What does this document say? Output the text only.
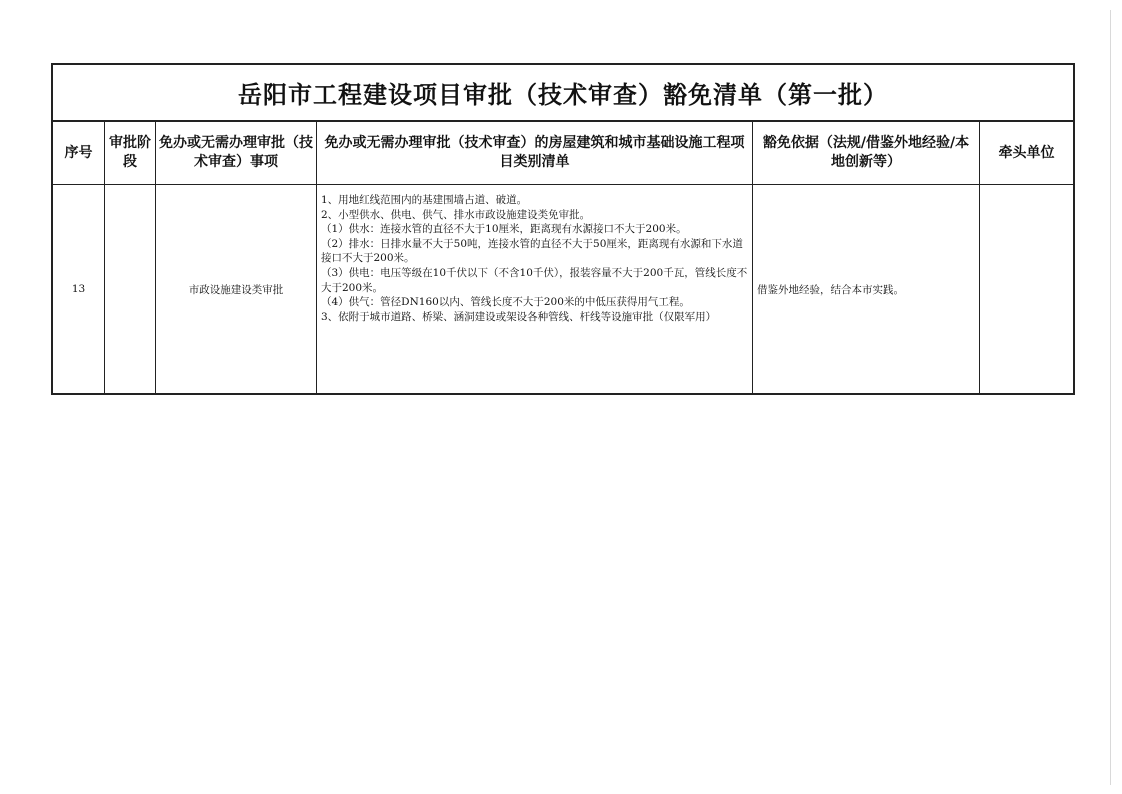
岳阳市工程建设项目审批（技术审查）豁免清单（第一批）
序号
审批阶段
免办或无需办理审批（技术审查）事项
免办或无需办理审批（技术审查）的房屋建筑和城市基础设施工程项目类别清单
豁免依据（法规/借鉴外地经验/本地创新等）
牵头单位
13	市政设施建设类审批
1、用地红线范围内的基建围墙占道、破道。
2、小型供水、供电、供气、排水市政设施建设类免审批。
（1）供水：连接水管的直径不大于10厘米，距离现有水源接口不大于200米。
（2）排水：日排水量不大于50吨，连接水管的直径不大于50厘米，距离现有水源和下水道接口不大于200米。
（3）供电：电压等级在10千伏以下（不含10千伏），报装容量不大于200千瓦，管线长度不大于200米。
（4）供气：管径DN160以内、管线长度不大于200米的中低压获得用气工程。
3、依附于城市道路、桥梁、涵洞建设或架设各种管线、杆线等设施审批（仅限军用）
借鉴外地经验，结合本市实践。
